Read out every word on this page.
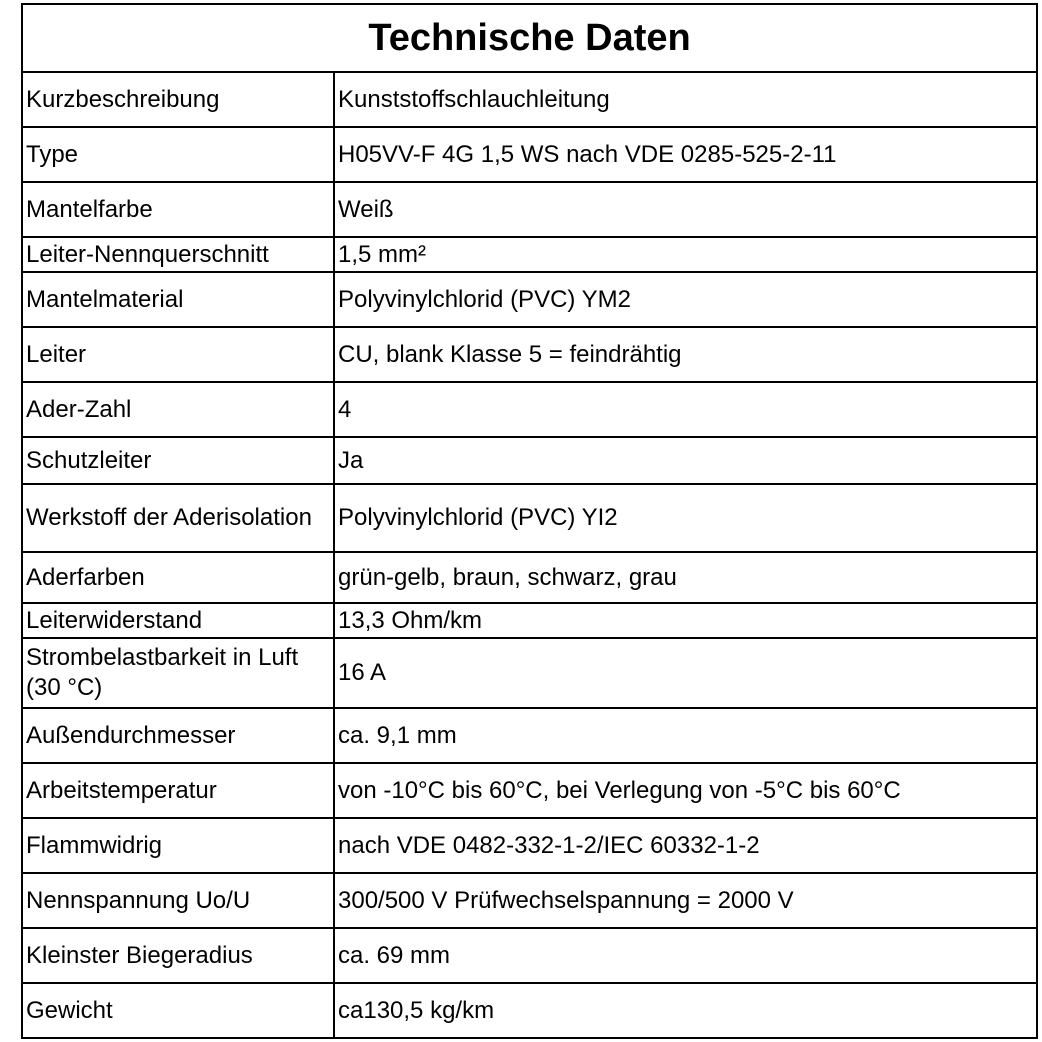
Technische Daten	
Kurzbeschreibung	Kunststoffschlauchleitung
Type	H05VV-F 4G 1,5 WS nach VDE 0285-525-2-11
Mantelfarbe	Weiß
Leiter-Nennquerschnitt	1,5 mm²
Mantelmaterial	Polyvinylchlorid (PVC) YM2
Leiter	CU, blank Klasse 5 = feindrähtig
Ader-Zahl	4
Schutzleiter	Ja
Werkstoff der Aderisolation	Polyvinylchlorid (PVC) YI2
Aderfarben	grün-gelb, braun, schwarz, grau
Leiterwiderstand	13,3 Ohm/km
Strombelastbarkeit in Luft (30 °C)	16 A
Außendurchmesser	ca. 9,1 mm
Arbeitstemperatur	von -10°C bis 60°C, bei Verlegung von -5°C bis 60°C
Flammwidrig	nach VDE 0482-332-1-2/IEC 60332-1-2
Nennspannung Uo/U	300/500 V Prüfwechselspannung = 2000 V
Kleinster Biegeradius	ca. 69 mm
Gewicht	ca130,5 kg/km
